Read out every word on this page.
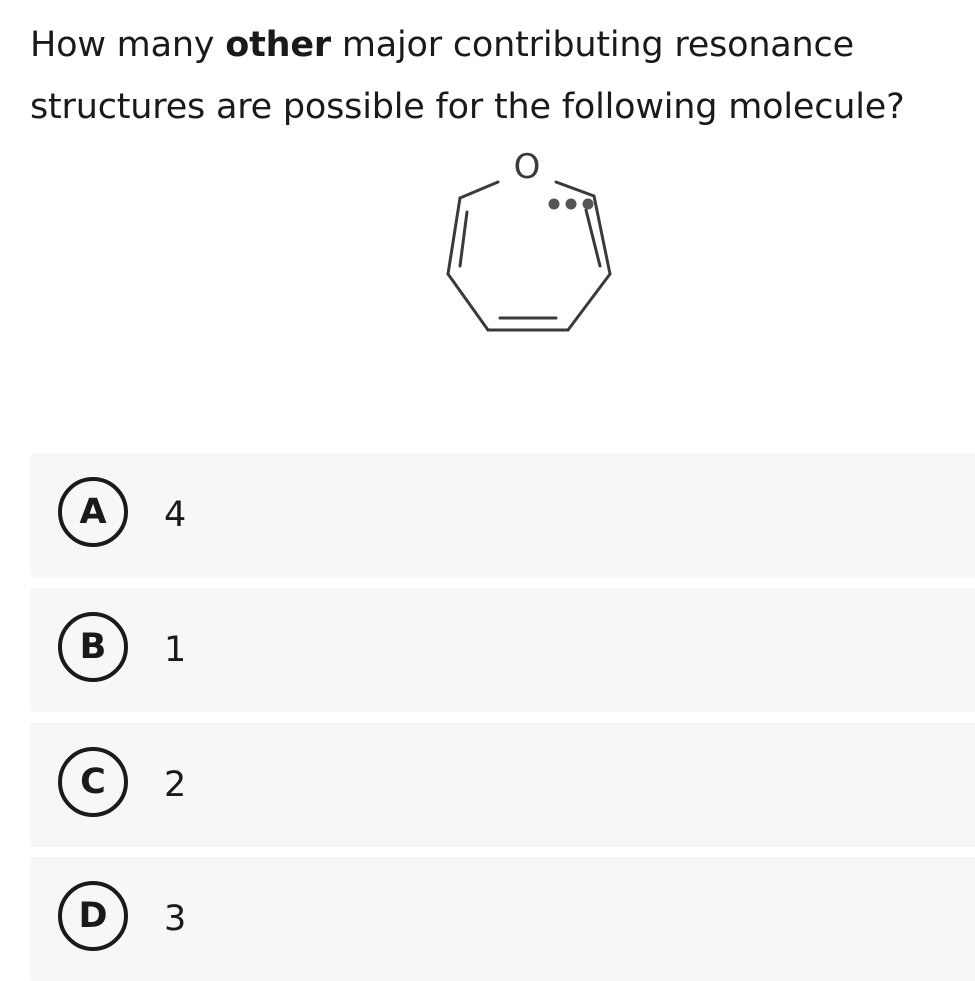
How many other major contributing resonance structures are possible for the following molecule?
O
A	4
B	1
C	2
D	3
